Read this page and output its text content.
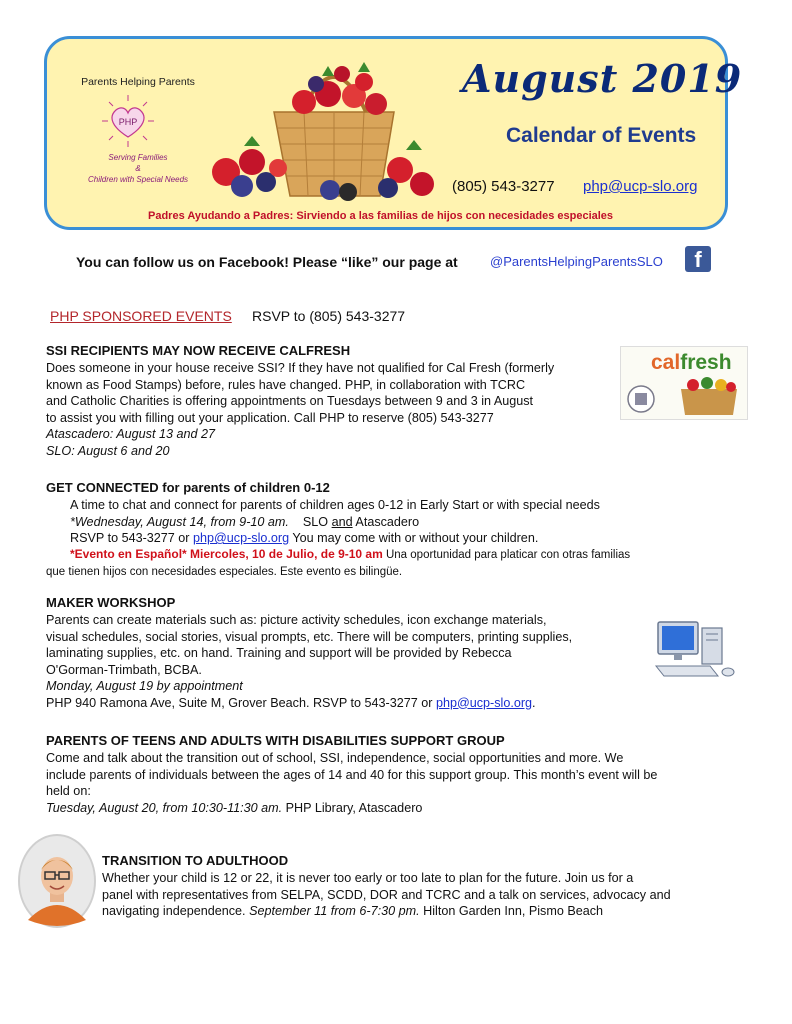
Parents Helping Parents
PHP
Serving Families
&
Children with Special Needs
August 2019
Calendar of Events
(805) 543-3277 php@ucp-slo.org
Padres Ayudando a Padres: Sirviendo a las familias de hijos con necesidades especiales
You can follow us on Facebook! Please “like” our page at @ParentsHelpingParentsSLO	f
PHP SPONSORED EVENTS RSVP to (805) 543-3277
SSI RECIPIENTS MAY NOW RECEIVE CALFRESH
Does someone in your house receive SSI? If they have not qualified for Cal Fresh (formerly
known as Food Stamps) before, rules have changed. PHP, in collaboration with TCRC
and Catholic Charities is offering appointments on Tuesdays between 9 and 3 in August
to assist you with filling out your application. Call PHP to reserve (805) 543-3277
Atascadero: August 13 and 27
SLO: August 6 and 20
calfresh
GET CONNECTED for parents of children 0-12
A time to chat and connect for parents of children ages 0-12 in Early Start or with special needs
*Wednesday, August 14, from 9-10 am. SLO and Atascadero
RSVP to 543-3277 or php@ucp-slo.org You may come with or without your children.
*Evento en Español* Miercoles, 10 de Julio, de 9-10 am Una oportunidad para platicar con otras familias
que tienen hijos con necesidades especiales. Este evento es bilingüe.
MAKER WORKSHOP
Parents can create materials such as: picture activity schedules, icon exchange materials,
visual schedules, social stories, visual prompts, etc. There will be computers, printing supplies,
laminating supplies, etc. on hand. Training and support will be provided by Rebecca
O'Gorman-Trimbath, BCBA.
Monday, August 19 by appointment
PHP 940 Ramona Ave, Suite M, Grover Beach. RSVP to 543-3277 or php@ucp-slo.org.
PARENTS OF TEENS AND ADULTS WITH DISABILITIES SUPPORT GROUP
Come and talk about the transition out of school, SSI, independence, social opportunities and more. We
include parents of individuals between the ages of 14 and 40 for this support group. This month’s event will be
held on:
Tuesday, August 20, from 10:30-11:30 am. PHP Library, Atascadero
TRANSITION TO ADULTHOOD
Whether your child is 12 or 22, it is never too early or too late to plan for the future. Join us for a
panel with representatives from SELPA, SCDD, DOR and TCRC and a talk on services, advocacy and
navigating independence. September 11 from 6-7:30 pm. Hilton Garden Inn, Pismo Beach
